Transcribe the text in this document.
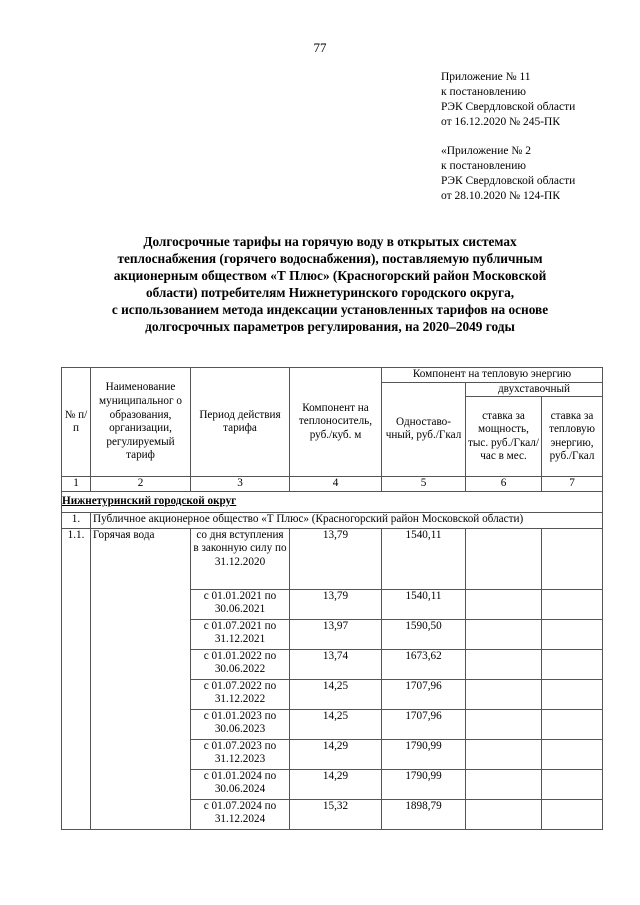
77
Приложение № 11
к постановлению
РЭК Свердловской области
от 16.12.2020 № 245-ПК
«Приложение № 2
к постановлению
РЭК Свердловской области
от 28.10.2020 № 124-ПК
Долгосрочные тарифы на горячую воду в открытых системах
теплоснабжения (горячего водоснабжения), поставляемую публичным
акционерным обществом «Т Плюс» (Красногорский район Московской
области) потребителям Нижнетуринского городского округа,
с использованием метода индексации установленных тарифов на основе
долгосрочных параметров регулирования, на 2020–2049 годы
№ п/п	Наименование муниципальног о образования, организации, регулируемый тариф	Период действия тарифа	Компонент на теплоноситель, руб./куб. м	Компонент на тепловую энергию		
				Одноставо-чный, руб./Гкал	двухставочный	
					ставка за мощность, тыс. руб./Гкал/ час в мес.	ставка за тепловую энергию, руб./Гкал
1	2	3	4	5	6	7
Нижнетуринский городской округ						
1.	Публичное акционерное общество «Т Плюс» (Красногорский район Московской области)					
1.1.	Горячая вода	со дня вступления в законную силу по 31.12.2020	13,79	1540,11		
		с 01.01.2021 по 30.06.2021	13,79	1540,11		
		с 01.07.2021 по 31.12.2021	13,97	1590,50		
		с 01.01.2022 по 30.06.2022	13,74	1673,62		
		с 01.07.2022 по 31.12.2022	14,25	1707,96		
		с 01.01.2023 по 30.06.2023	14,25	1707,96		
		с 01.07.2023 по 31.12.2023	14,29	1790,99		
		с 01.01.2024 по 30.06.2024	14,29	1790,99		
		с 01.07.2024 по 31.12.2024	15,32	1898,79		
